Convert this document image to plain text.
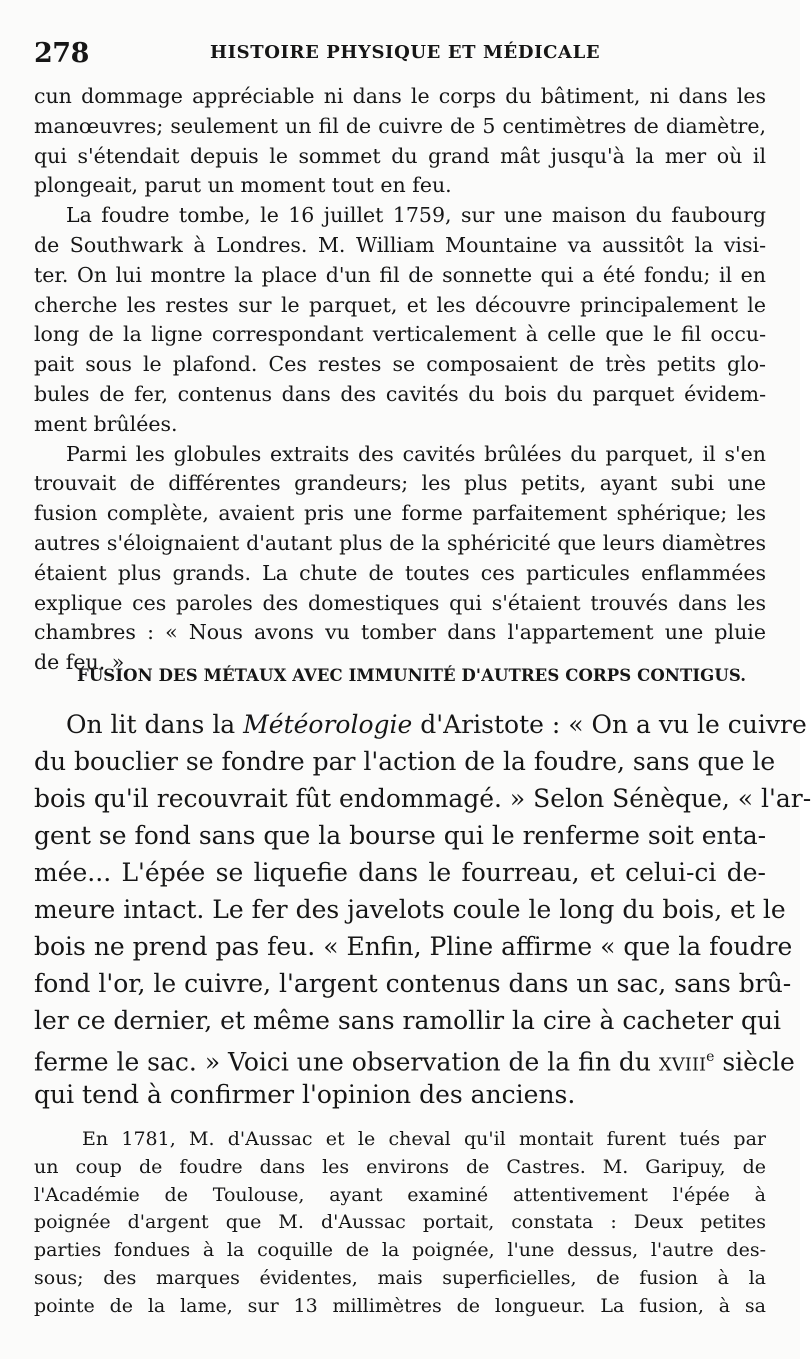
278	HISTOIRE PHYSIQUE ET MÉDICALE
cun dommage appréciable ni dans le corps du bâtiment, ni dans les
manœuvres; seulement un fil de cuivre de 5 centimètres de diamètre,
qui s'étendait depuis le sommet du grand mât jusqu'à la mer où il
plongeait, parut un moment tout en feu.
La foudre tombe, le 16 juillet 1759, sur une maison du faubourg
de Southwark à Londres. M. William Mountaine va aussitôt la visi-
ter. On lui montre la place d'un fil de sonnette qui a été fondu; il en
cherche les restes sur le parquet, et les découvre principalement le
long de la ligne correspondant verticalement à celle que le fil occu-
pait sous le plafond. Ces restes se composaient de très petits glo-
bules de fer, contenus dans des cavités du bois du parquet évidem-
ment brûlées.
Parmi les globules extraits des cavités brûlées du parquet, il s'en
trouvait de différentes grandeurs; les plus petits, ayant subi une
fusion complète, avaient pris une forme parfaitement sphérique; les
autres s'éloignaient d'autant plus de la sphéricité que leurs diamètres
étaient plus grands. La chute de toutes ces particules enflammées
explique ces paroles des domestiques qui s'étaient trouvés dans les
chambres : « Nous avons vu tomber dans l'appartement une pluie
de feu. »
FUSION DES MÉTAUX AVEC IMMUNITÉ D'AUTRES CORPS CONTIGUS.
On lit dans la Météorologie d'Aristote : « On a vu le cuivre
du bouclier se fondre par l'action de la foudre, sans que le
bois qu'il recouvrait fût endommagé. » Selon Sénèque, « l'ar-
gent se fond sans que la bourse qui le renferme soit enta-
mée... L'épée se liquefie dans le fourreau, et celui-ci de-
meure intact. Le fer des javelots coule le long du bois, et le
bois ne prend pas feu. « Enfin, Pline affirme « que la foudre
fond l'or, le cuivre, l'argent contenus dans un sac, sans brû-
ler ce dernier, et même sans ramollir la cire à cacheter qui
ferme le sac. » Voici une observation de la fin du xviii$^e$ siècle
qui tend à confirmer l'opinion des anciens.
En 1781, M. d'Aussac et le cheval qu'il montait furent tués par
un coup de foudre dans les environs de Castres. M. Garipuy, de
l'Académie de Toulouse, ayant examiné attentivement l'épée à
poignée d'argent que M. d'Aussac portait, constata : Deux petites
parties fondues à la coquille de la poignée, l'une dessus, l'autre des-
sous; des marques évidentes, mais superficielles, de fusion à la
pointe de la lame, sur 13 millimètres de longueur. La fusion, à sa
